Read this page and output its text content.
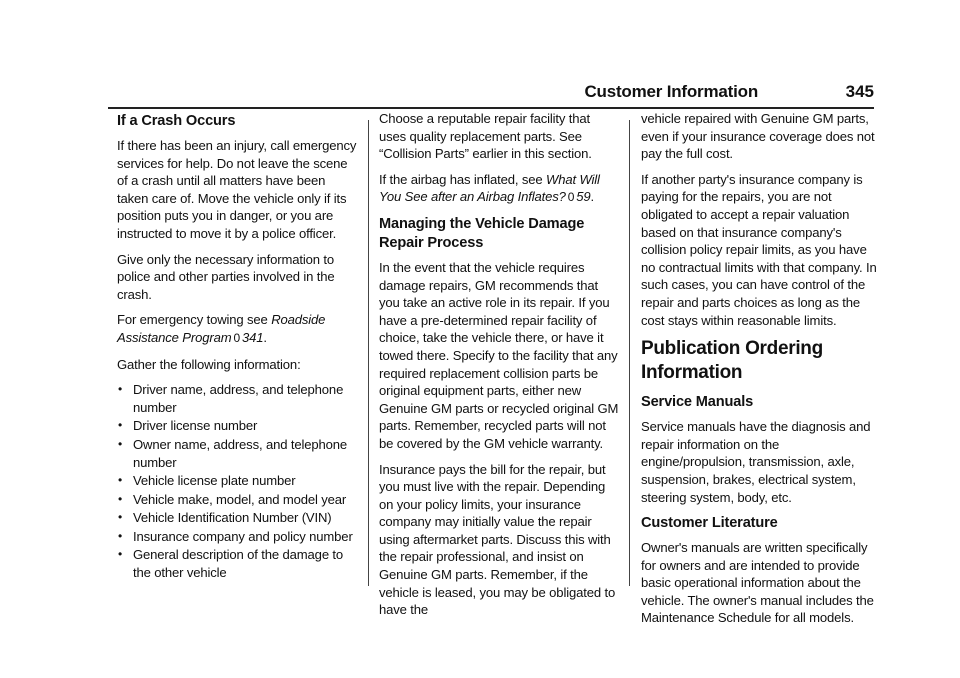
Customer Information	345
If a Crash Occurs

If there has been an injury, call emergency services for help. Do not leave the scene of a crash until all matters have been taken care of. Move the vehicle only if its position puts you in danger, or you are instructed to move it by a police officer.

Give only the necessary information to police and other parties involved in the crash.

For emergency towing see Roadside Assistance Program 0 341.

Gather the following information:

• Driver name, address, and telephone number
• Driver license number
• Owner name, address, and telephone number
• Vehicle license plate number
• Vehicle make, model, and model year
• Vehicle Identification Number (VIN)
• Insurance company and policy number
• General description of the damage to the other vehicle

Choose a reputable repair facility that uses quality replacement parts. See “Collision Parts” earlier in this section.

If the airbag has inflated, see What Will You See after an Airbag Inflates? 0 59.

Managing the Vehicle Damage Repair Process

In the event that the vehicle requires damage repairs, GM recommends that you take an active role in its repair. If you have a pre-determined repair facility of choice, take the vehicle there, or have it towed there. Specify to the facility that any required replacement collision parts be original equipment parts, either new Genuine GM parts or recycled original GM parts. Remember, recycled parts will not be covered by the GM vehicle warranty.

Insurance pays the bill for the repair, but you must live with the repair. Depending on your policy limits, your insurance company may initially value the repair using aftermarket parts. Discuss this with the repair professional, and insist on Genuine GM parts. Remember, if the vehicle is leased, you may be obligated to have the

vehicle repaired with Genuine GM parts, even if your insurance coverage does not pay the full cost.

If another party's insurance company is paying for the repairs, you are not obligated to accept a repair valuation based on that insurance company's collision policy repair limits, as you have no contractual limits with that company. In such cases, you can have control of the repair and parts choices as long as the cost stays within reasonable limits.

Publication Ordering Information
Service Manuals

Service manuals have the diagnosis and repair information on the engine/propulsion, transmission, axle, suspension, brakes, electrical system, steering system, body, etc.

Customer Literature

Owner's manuals are written specifically for owners and are intended to provide basic operational information about the vehicle. The owner's manual includes the Maintenance Schedule for all models.
